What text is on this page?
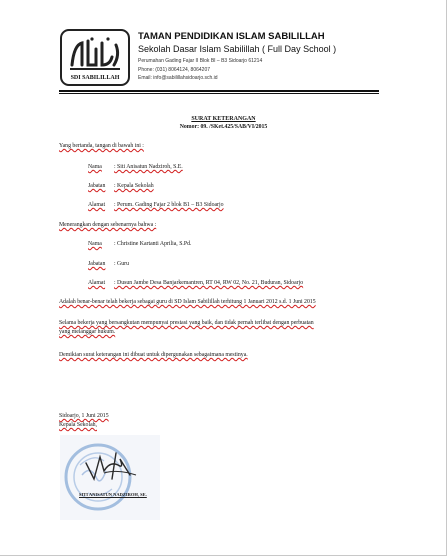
SDI SABILILLAH
TAMAN PENDIDIKAN ISLAM SABILILLAH
Sekolah Dasar Islam Sabilillah ( Full Day School )
Perumahan Gading Fajar II Blok BI – B3 Sidoarjo 61214
Phone: (031) 8064124, 8064207
Email: info@sabilillahsidoarjo.sch.id
SURAT KETERANGAN
Nomor: 09. /SKet.425/SAB/VI/2015
Yang bertanda, tangan di bawah ini :
Nama : Siti Anisatun Nadziroh, S.E.
Jabatan : Kepala Sekolah
Alamat : Perum. Gading Fajar 2 blok B1 – B3 Sidoarjo
Menerangkan dengan sebenarnya bahwa :
Nama : Christine Kartanti Aprilia, S.Pd.
Jabatan : Guru
Alamat : Dusun Jambe Desa Banjarkemantren, RT 04, RW 02, No. 21, Buduran, Sidoarjo
Adalah benar-benar telah bekerja sebagai guru di SD Islam Sabilillah terhitung 1 Januari 2012 s.d. 1 Juni 2015
Selama bekerja yang bersangkutan mempunyai prestasi yang baik, dan tidak pernah terlibat dengan perbuatan
yang melanggar hukum.
Demikian surat keterangan ini dibuat untuk dipergunakan sebagaimana mestinya.
Sidoarjo, 1 Juni 2015
Kepala Sekolah,
SITI ANISATUN NADZIROH, SE.
